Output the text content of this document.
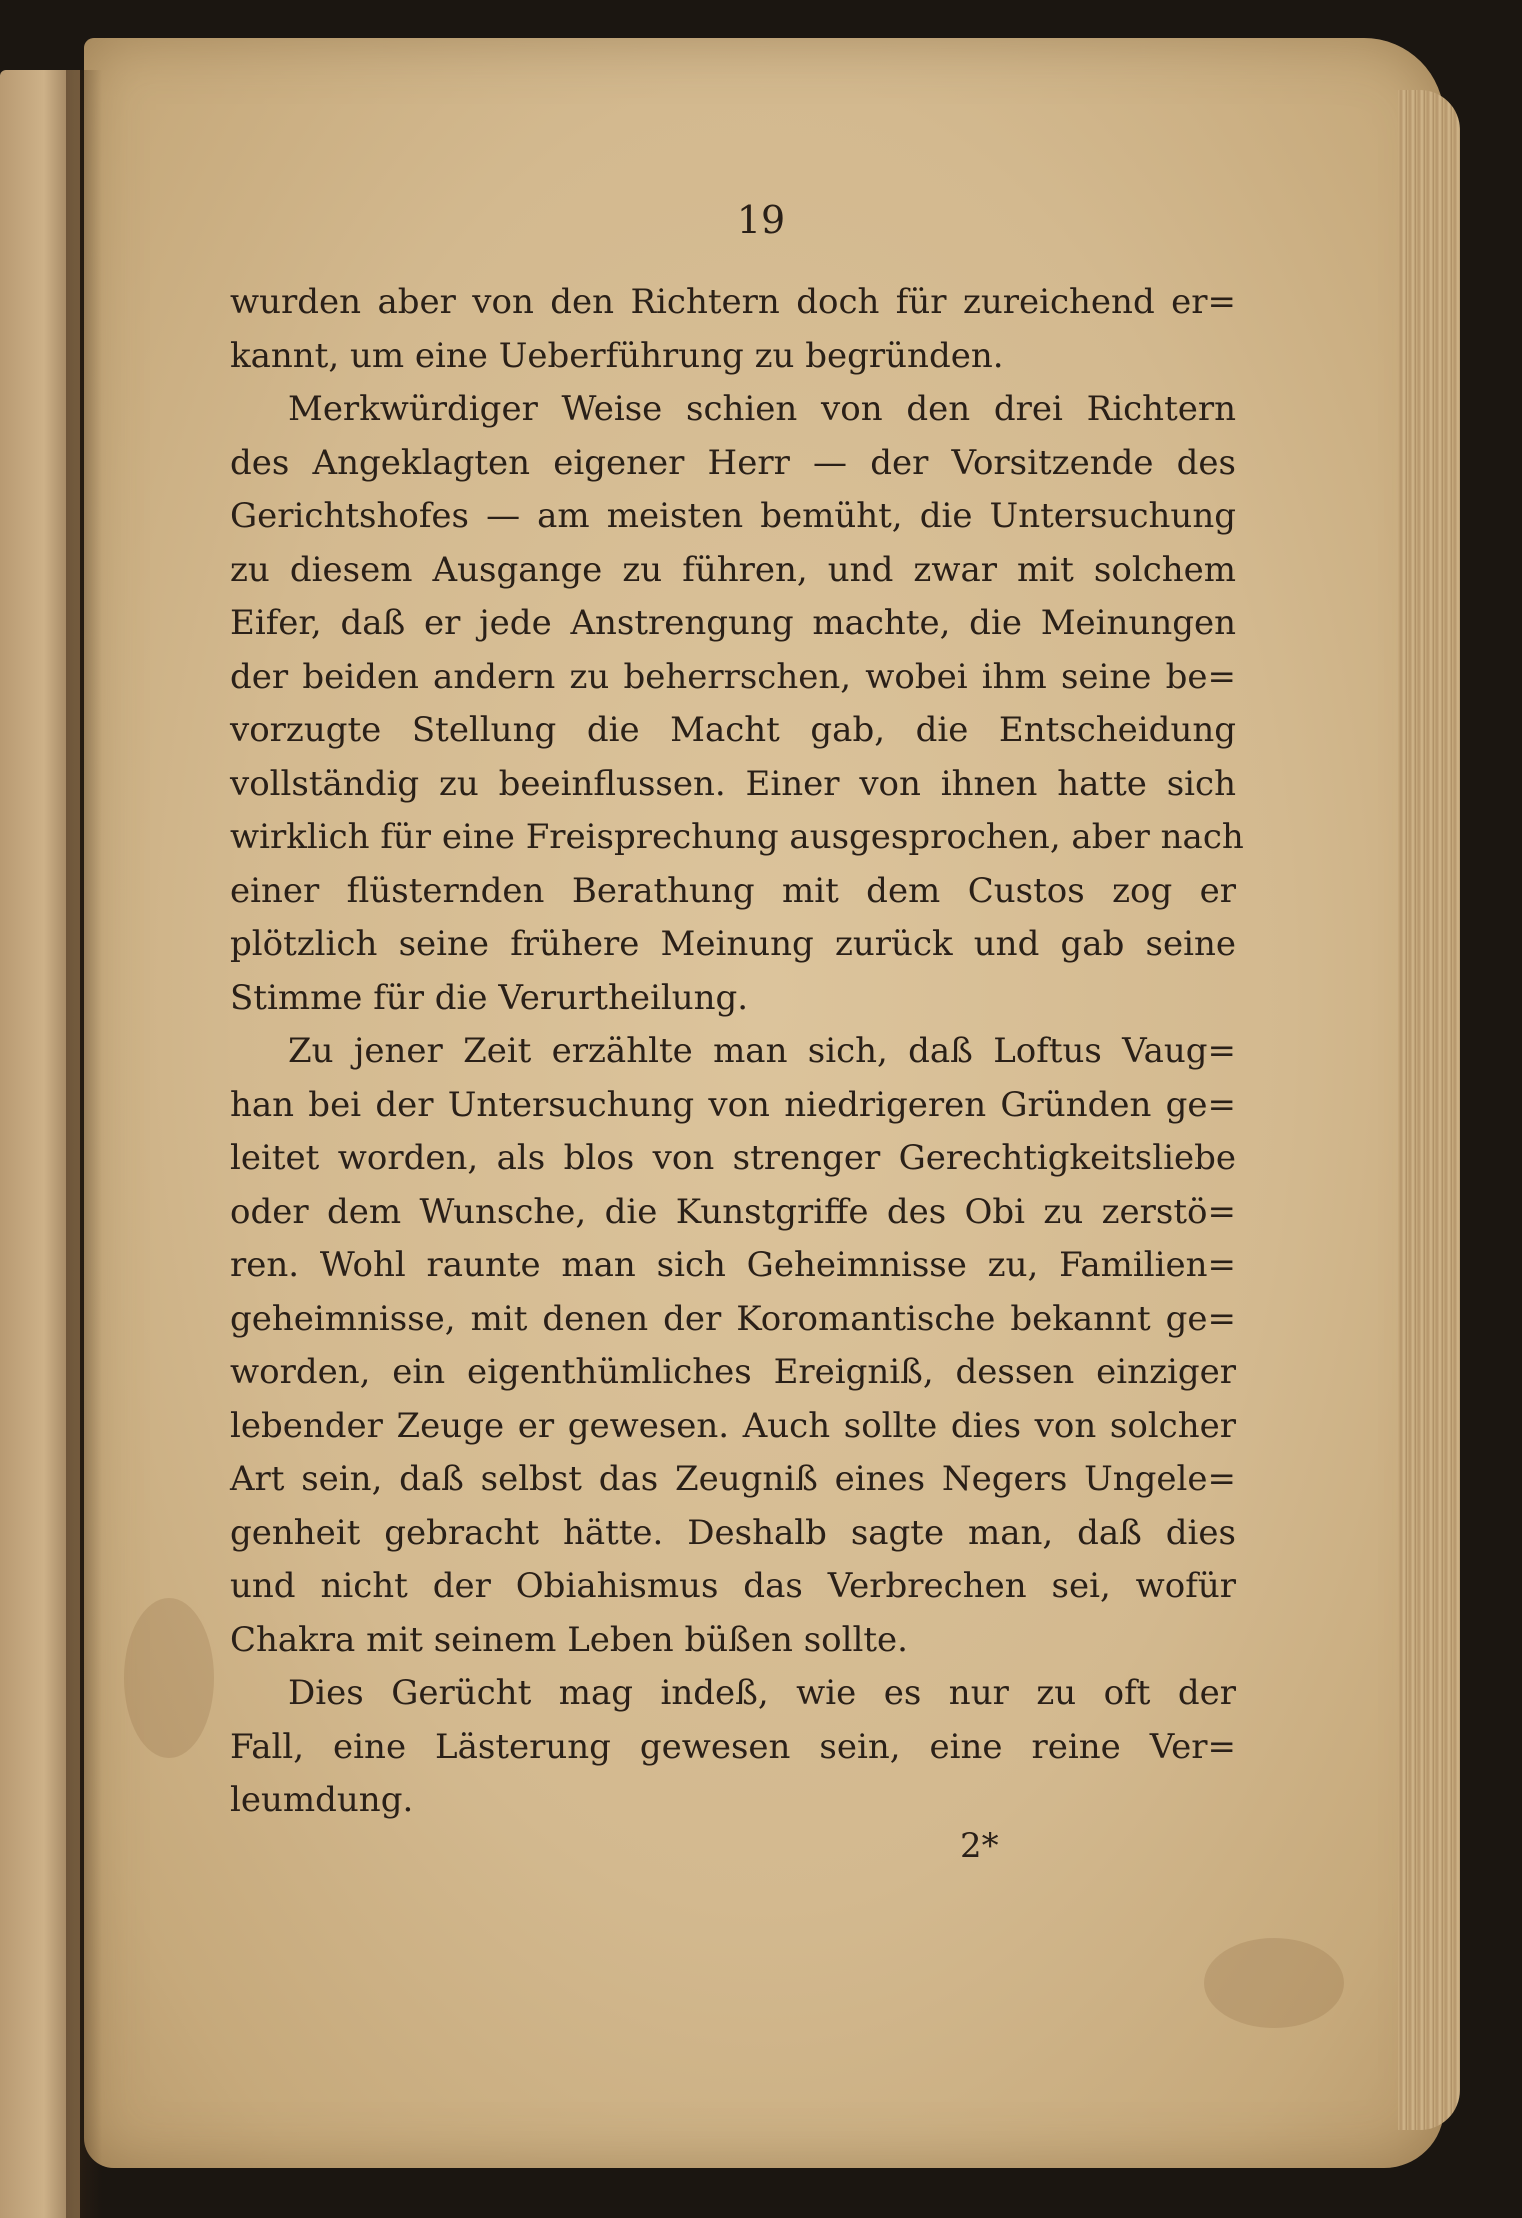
19
wurden aber von den Richtern doch für zureichend er=
kannt, um eine Ueberführung zu begründen.
Merkwürdiger Weise schien von den drei Richtern
des Angeklagten eigener Herr — der Vorsitzende des
Gerichtshofes — am meisten bemüht, die Untersuchung
zu diesem Ausgange zu führen, und zwar mit solchem
Eifer, daß er jede Anstrengung machte, die Meinungen
der beiden andern zu beherrschen, wobei ihm seine be=
vorzugte Stellung die Macht gab, die Entscheidung
vollständig zu beeinflussen. Einer von ihnen hatte sich
wirklich für eine Freisprechung ausgesprochen, aber nach
einer flüsternden Berathung mit dem Custos zog er
plötzlich seine frühere Meinung zurück und gab seine
Stimme für die Verurtheilung.
Zu jener Zeit erzählte man sich, daß Loftus Vaug=
han bei der Untersuchung von niedrigeren Gründen ge=
leitet worden, als blos von strenger Gerechtigkeitsliebe
oder dem Wunsche, die Kunstgriffe des Obi zu zerstö=
ren. Wohl raunte man sich Geheimnisse zu, Familien=
geheimnisse, mit denen der Koromantische bekannt ge=
worden, ein eigenthümliches Ereigniß, dessen einziger
lebender Zeuge er gewesen. Auch sollte dies von solcher
Art sein, daß selbst das Zeugniß eines Negers Ungele=
genheit gebracht hätte. Deshalb sagte man, daß dies
und nicht der Obiahismus das Verbrechen sei, wofür
Chakra mit seinem Leben büßen sollte.
Dies Gerücht mag indeß, wie es nur zu oft der
Fall, eine Lästerung gewesen sein, eine reine Ver=
leumdung.
2*
